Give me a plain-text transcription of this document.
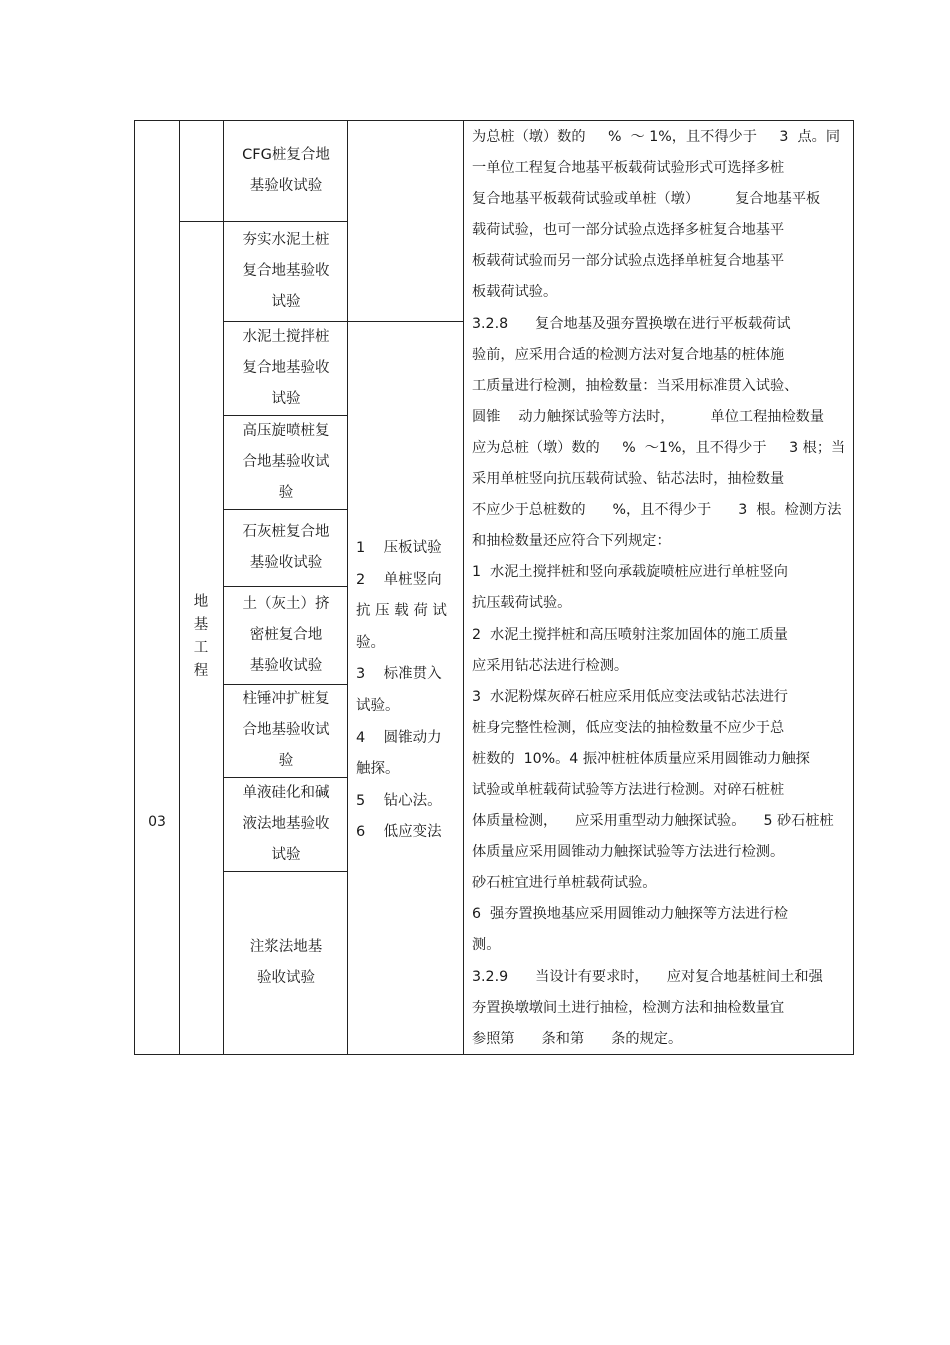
03
地
基
工
程
CFG桩复合地
基验收试验
夯实水泥土桩
复合地基验收
试验
水泥土搅拌桩
复合地基验收
试验
高压旋喷桩复
合地基验收试
验
石灰桩复合地
基验收试验
土（灰土）挤
密桩复合地
基验收试验
柱锤冲扩桩复
合地基验收试
验
单液硅化和碱
液法地基验收
试验
注浆法地基
验收试验
1    压板试验
2    单桩竖向
抗 压 载 荷 试
验。
3    标准贯入
试验。
4    圆锥动力
触探。
5    钻心法。
6    低应变法
为总桩（墩）数的     %  ～ 1%，且不得少于     3  点。同
一单位工程复合地基平板载荷试验形式可选择多桩
复合地基平板载荷试验或单桩（墩）        复合地基平板
载荷试验，也可一部分试验点选择多桩复合地基平
板载荷试验而另一部分试验点选择单桩复合地基平
板载荷试验。
3.2.8      复合地基及强夯置换墩在进行平板载荷试
验前，应采用合适的检测方法对复合地基的桩体施
工质量进行检测，抽检数量：当采用标准贯入试验、
圆锥    动力触探试验等方法时，        单位工程抽检数量
应为总桩（墩）数的     %  ～1%，且不得少于     3 根；当
采用单桩竖向抗压载荷试验、钻芯法时，抽检数量
不应少于总桩数的      %，且不得少于      3  根。检测方法
和抽检数量还应符合下列规定：
1  水泥土搅拌桩和竖向承载旋喷桩应进行单桩竖向
抗压载荷试验。
2  水泥土搅拌桩和高压喷射注浆加固体的施工质量
应采用钻芯法进行检测。
3  水泥粉煤灰碎石桩应采用低应变法或钻芯法进行
桩身完整性检测，低应变法的抽检数量不应少于总
桩数的  10%。4 振冲桩桩体质量应采用圆锥动力触探
试验或单桩载荷试验等方法进行检测。对碎石桩桩
体质量检测，    应采用重型动力触探试验。    5 砂石桩桩
体质量应采用圆锥动力触探试验等方法进行检测。
砂石桩宜进行单桩载荷试验。
6  强夯置换地基应采用圆锥动力触探等方法进行检
测。
3.2.9      当设计有要求时，    应对复合地基桩间土和强
夯置换墩墩间土进行抽检，检测方法和抽检数量宜
参照第      条和第      条的规定。
